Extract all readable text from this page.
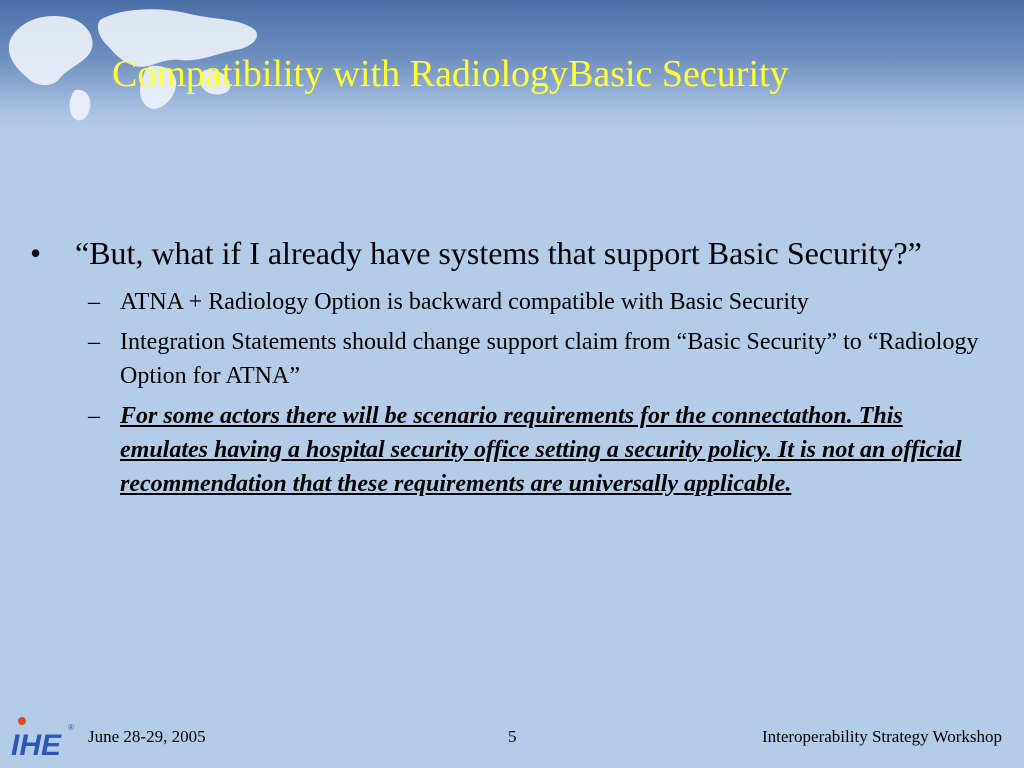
Compatibility with RadiologyBasic Security
• “But, what if I already have systems that support Basic Security?”
– ATNA + Radiology Option is backward compatible with Basic Security
– Integration Statements should change support claim from “Basic Security” to “Radiology Option for ATNA”
– For some actors there will be scenario requirements for the connectathon. This emulates having a hospital security office setting a security policy. It is not an official recommendation that these requirements are universally applicable.
IHE
® June 28-29, 2005	5	Interoperability Strategy Workshop
